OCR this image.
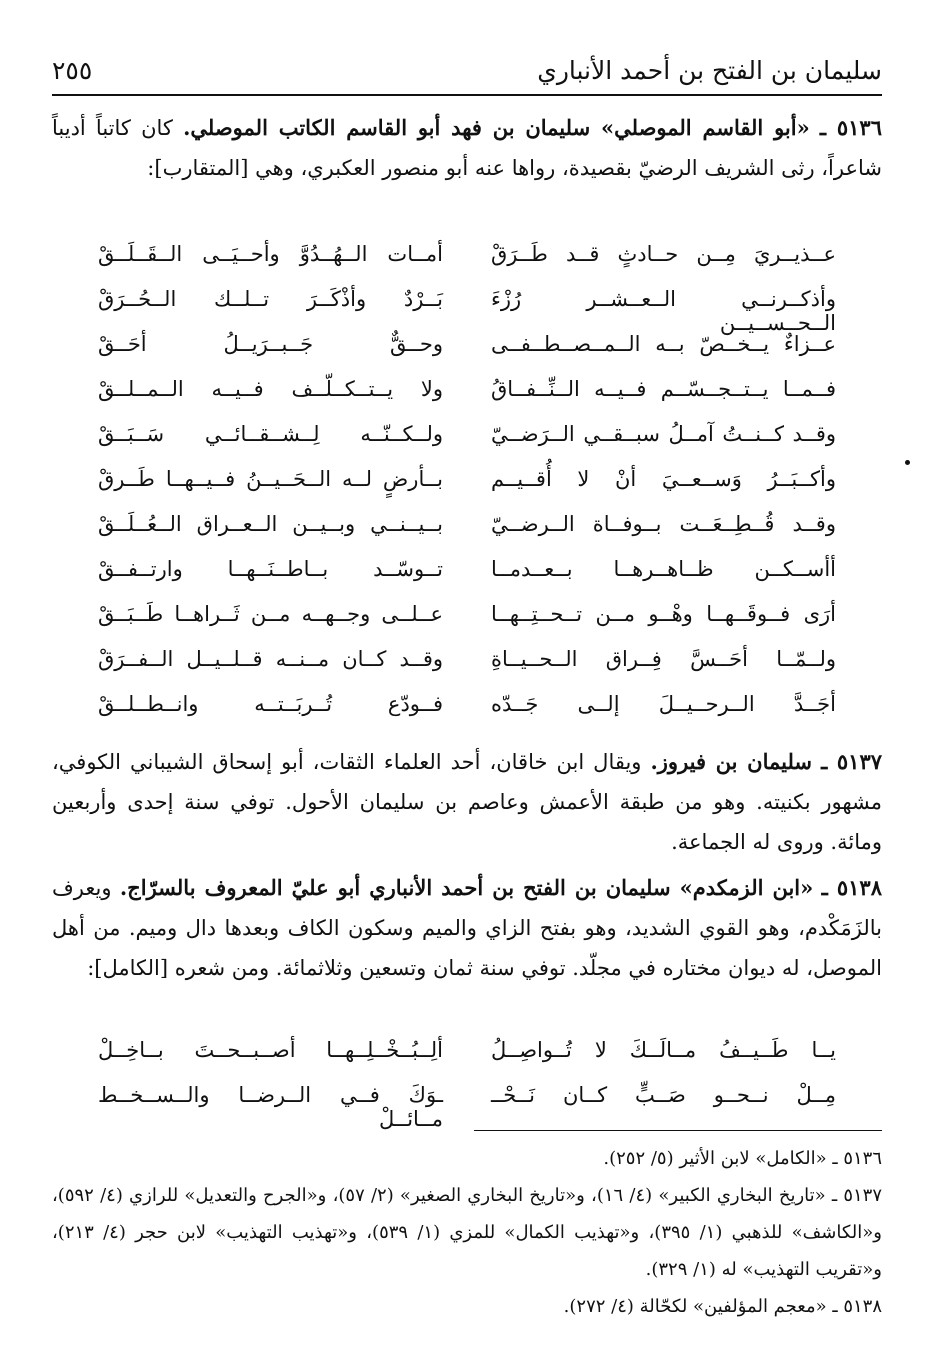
سليمان بن الفتح بن أحمد الأنباري
٢٥٥
٥١٣٦ ـ «أبو القاسم الموصلي» سليمان بن فهد أبو القاسم الكاتب الموصلي. كان كاتباً أديباً شاعراً، رثى الشريف الرضيّ بقصيدة، رواها عنه أبو منصور العكبري، وهي [المتقارب]:
عــذيــريَ مِــن حــادثٍ قــد طَــرَقْ
أمــات الــهُــدُوَّ وأحــيَــى الــقَــلَــقْ
وأذكــرنــي الــعــشــر رُزْءَ الــحــســيــن
بَــرْدٌ وأذْكَــرَ تــلــك الــحُــرَقْ
عــزاءٌ يــخــصّ بــه الــمــصــطــفــى
وحــقٌّ جَــبــرَيــلُ أحَــقْ
فــمــا يــتــجــسّــم فــيــه الــنِّــفــاقُ
ولا يــتــكــلّــف فــيــه الــمــلــقْ
وقــد كــنــتُ آمــلُ سبــقــي الــرَضــيّ
ولــكــنّــه لِــشــقــائــي سَــبَــقْ
وأكــبَــرُ وَســعــيَ أنْ لا أُقــيــم
بــأرضٍ لــه الــحَــيــنُ فــيــهــا طَــرقْ
وقــد قُــطِــعَــت بــوفــاة الــرضــيّ
بــيــنــي وبــيــن الــعــراق الــعُــلَــقْ
أأســكــن ظــاهــرهــا بــعــدمــا
تــوسّــد بــاطــنَــهــا وارتــفــقْ
أرَى فــوقَــهــا وهْــو مــن تــحــتِــهــا
عــلــى وجــهــه مــن ثَــراهــا طَــبَــقْ
ولــمّــا أحَــسَّ فِــراق الــحــيــاةِ
وقــد كــان مــنــه قــلــيــل الــفــرَقْ
أجَــدَّ الــرحــيــلَ إلــى جَــدّه
فــودّع تُــربَــتــه وانــطــلــقْ
٥١٣٧ ـ سليمان بن فيروز. ويقال ابن خاقان، أحد العلماء الثقات، أبو إسحاق الشيباني الكوفي، مشهور بكنيته. وهو من طبقة الأعمش وعاصم بن سليمان الأحول. توفي سنة إحدى وأربعين ومائة. وروى له الجماعة.
٥١٣٨ ـ «ابن الزمكدم» سليمان بن الفتح بن أحمد الأنباري أبو عليّ المعروف بالسرّاج. ويعرف بالزَمَكْدم، وهو القوي الشديد، وهو بفتح الزاي والميم وسكون الكاف وبعدها دال وميم. من أهل الموصل، له ديوان مختاره في مجلّد. توفي سنة ثمان وتسعين وثلاثمائة. ومن شعره [الكامل]:
يــا طَــيــفُ مــالَــكَ لا تُــواصِــلُ
ألِــبُــخْــلِــهــا أصــبــحــتَ بــاخِــلْ
مِــلْ نــحــو صَــبٍّ كــان نَــحْــ
ـوَكَ فــي الــرضــا والــســخــط مــائــلْ

٥١٣٦ ـ «الكامل» لابن الأثير (٥/ ٢٥٢).

٥١٣٧ ـ «تاريخ البخاري الكبير» (٤/ ١٦)، و«تاريخ البخاري الصغير» (٢/ ٥٧)، و«الجرح والتعديل» للرازي (٤/ ٥٩٢)، و«الكاشف» للذهبي (١/ ٣٩٥)، و«تهذيب الكمال» للمزي (١/ ٥٣٩)، و«تهذيب التهذيب» لابن حجر (٤/ ٢١٣)، و«تقريب التهذيب» له (١/ ٣٢٩).

٥١٣٨ ـ «معجم المؤلفين» لكحّالة (٤/ ٢٧٢).
